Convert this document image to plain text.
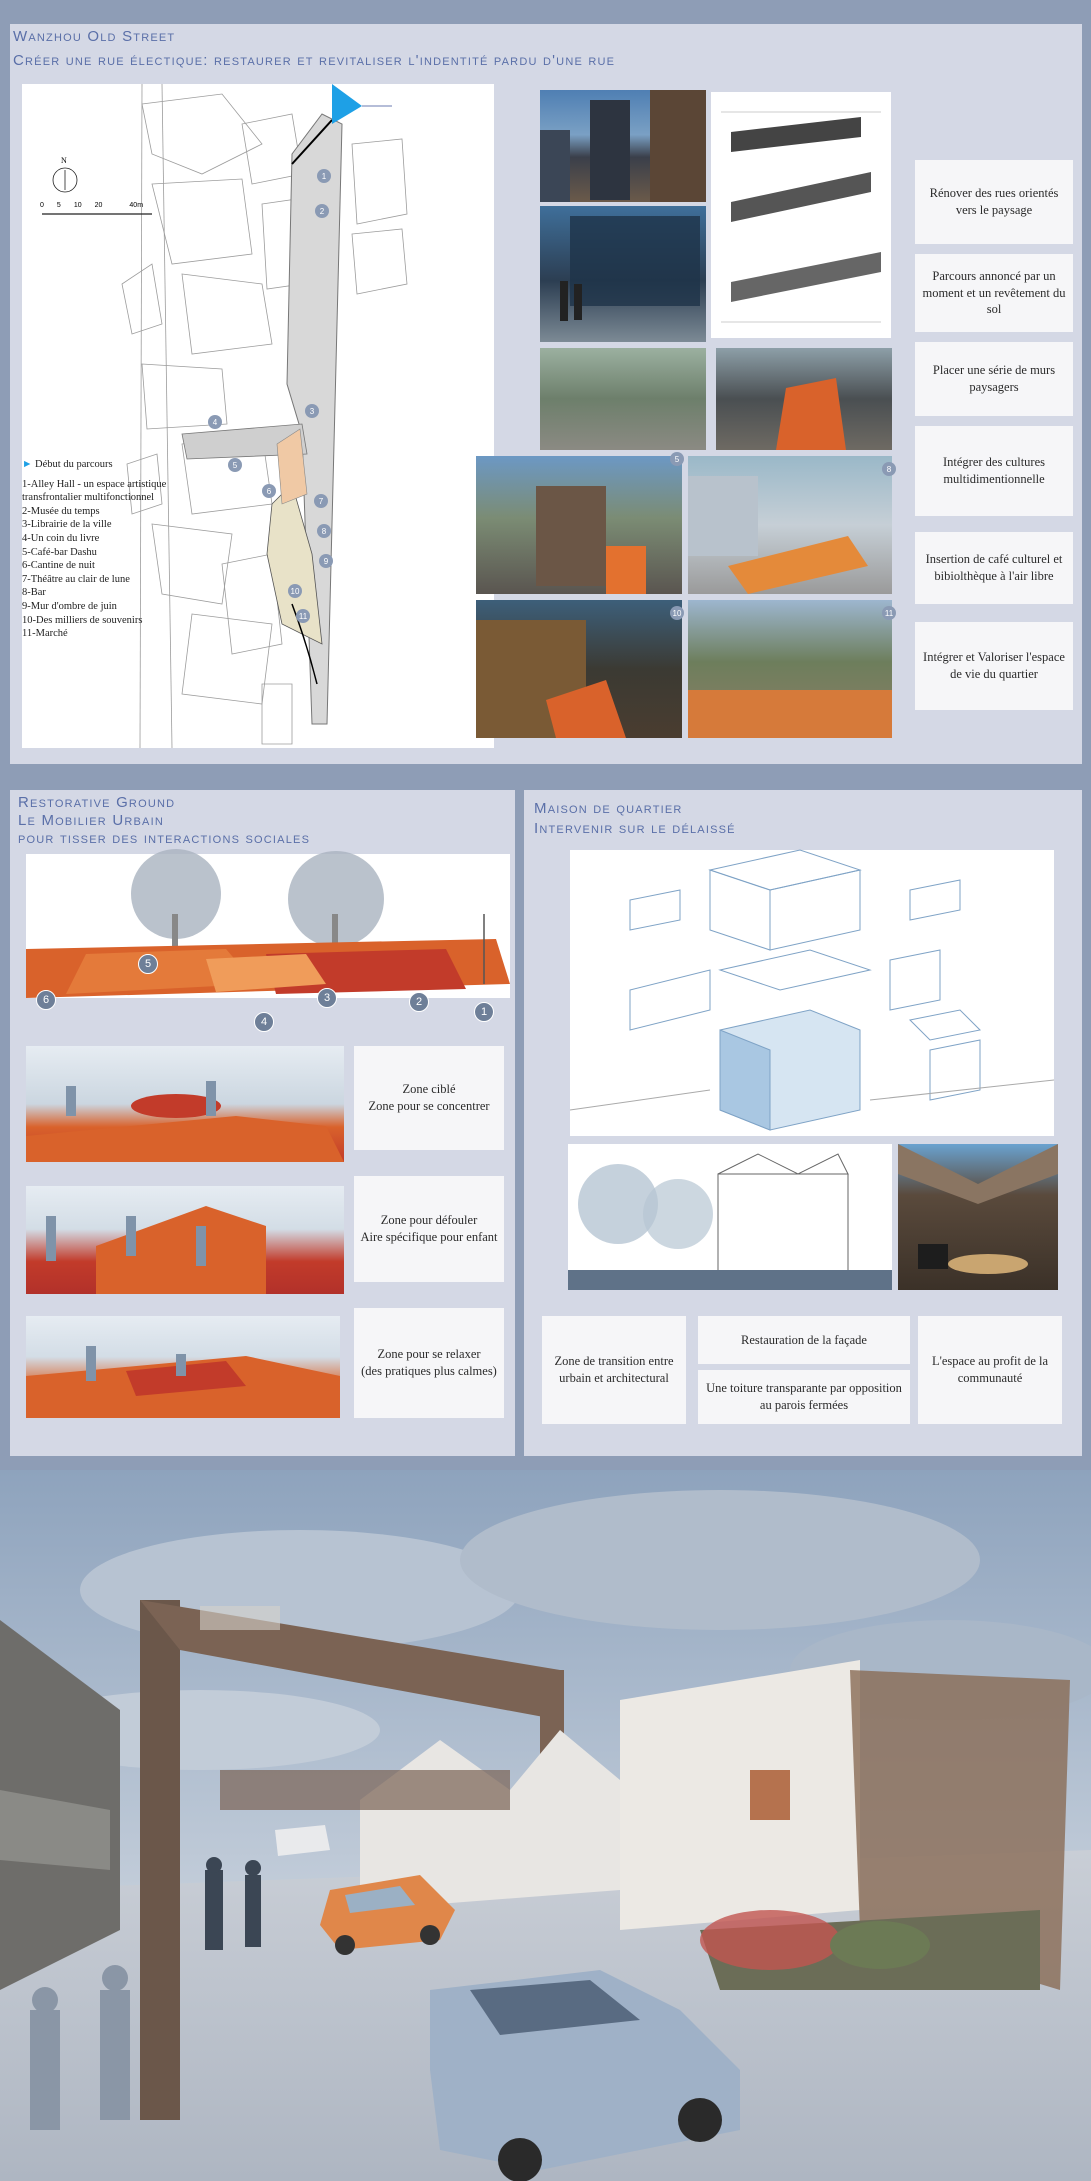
Wanzhou Old Street
Créer une rue électique: restaurer et revitaliser l'indentité pardu d'une rue
N
0 5 10 20	40m
1
2
3
4
5
6
7
8
9
10
11
► Début du parcours
1-Alley Hall - un espace artistique transfrontalier multifonctionnel
2-Musée du temps
3-Librairie de la ville
4-Un coin du livre
5-Café-bar Dashu
6-Cantine de nuit
7-Théâtre au clair de lune
8-Bar
9-Mur d'ombre de juin
10-Des milliers de souvenirs
11-Marché
5
8
10	11
Rénover des rues orientés vers le paysage
Parcours annoncé par un moment et un revêtement du sol
Placer une série de murs paysagers
Intégrer des cultures multidimentionnelle
Insertion de café culturel et bibiolthèque à l'air libre
Intégrer et Valoriser l'espace de vie du quartier
Restorative Ground
Le Mobilier Urbain
pour tisser des interactions sociales
1
2
3
4
5
6
Zone ciblé
Zone pour se concentrer
Zone pour défouler
Aire spécifique pour enfant
Zone pour se relaxer
(des pratiques plus calmes)
Maison de quartier
Intervenir sur le délaissé
Zone de transition entre urbain et architectural
Restauration de la façade
Une toiture transparante par opposition au parois fermées
L'espace au profit de la communauté
